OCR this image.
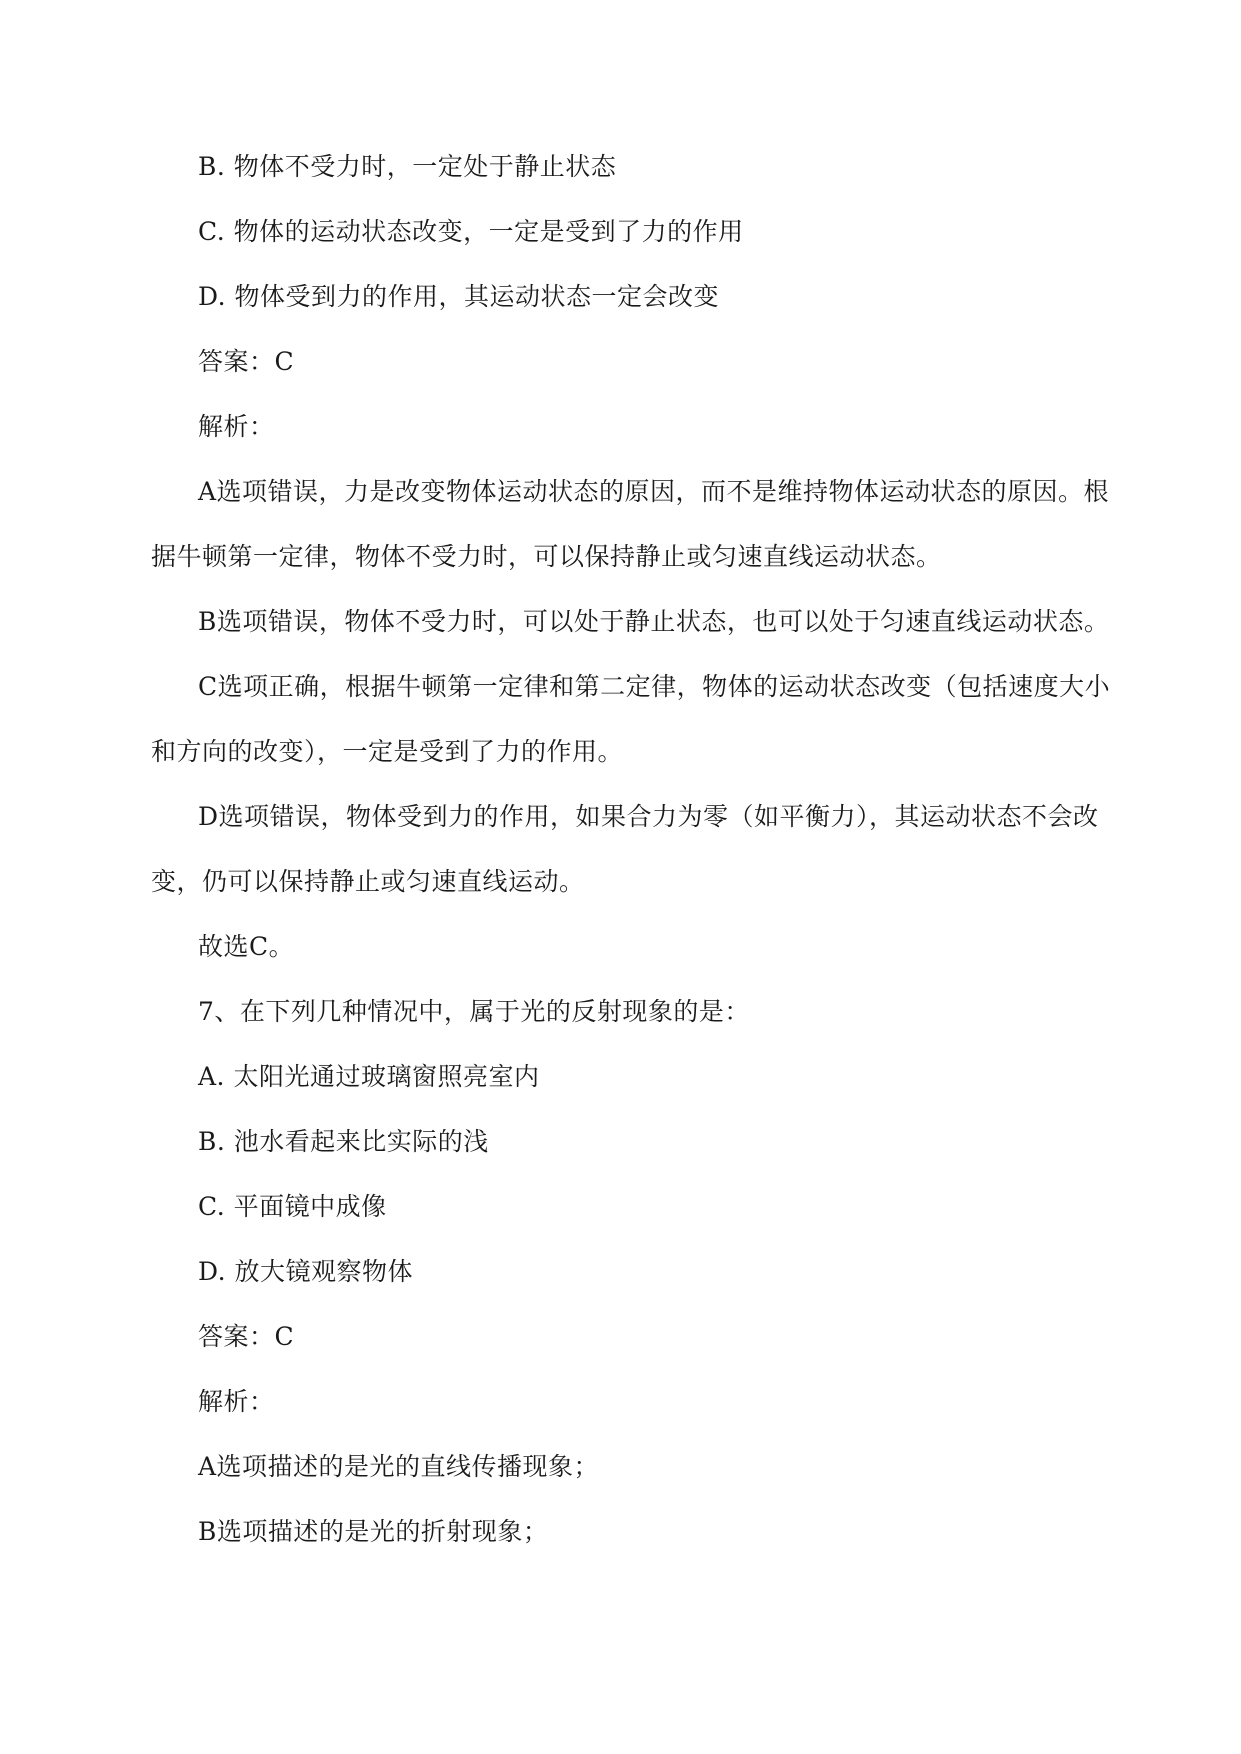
B. 物体不受力时，一定处于静止状态
C. 物体的运动状态改变，一定是受到了力的作用
D. 物体受到力的作用，其运动状态一定会改变
答案：C
解析：
A选项错误，力是改变物体运动状态的原因，而不是维持物体运动状态的原因。根
据牛顿第一定律，物体不受力时，可以保持静止或匀速直线运动状态。
B选项错误，物体不受力时，可以处于静止状态，也可以处于匀速直线运动状态。
C选项正确，根据牛顿第一定律和第二定律，物体的运动状态改变（包括速度大小
和方向的改变），一定是受到了力的作用。
D选项错误，物体受到力的作用，如果合力为零（如平衡力），其运动状态不会改
变，仍可以保持静止或匀速直线运动。
故选C。
7、在下列几种情况中，属于光的反射现象的是：
A. 太阳光通过玻璃窗照亮室内
B. 池水看起来比实际的浅
C. 平面镜中成像
D. 放大镜观察物体
答案：C
解析：
A选项描述的是光的直线传播现象；
B选项描述的是光的折射现象；
